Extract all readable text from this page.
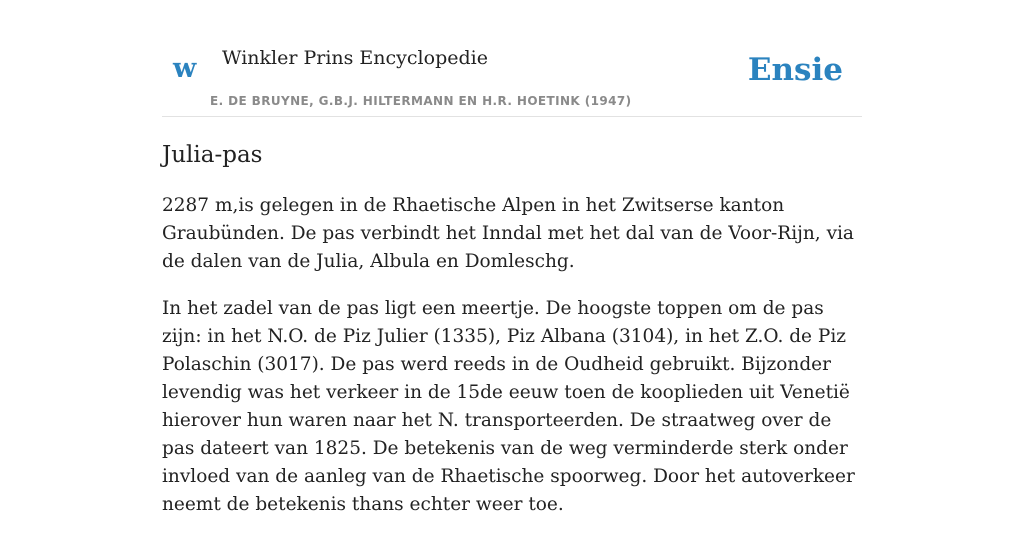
w Winkler Prins Encyclopedie
E. DE BRUYNE, G.B.J. HILTERMANN EN H.R. HOETINK (1947)
Ensie
Julia-pas

2287 m,is gelegen in de Rhaetische Alpen in het Zwitserse kanton Graubünden. De pas verbindt het Inndal met het dal van de Voor-Rijn, via de dalen van de Julia, Albula en Domleschg.

In het zadel van de pas ligt een meertje. De hoogste toppen om de pas zijn: in het N.O. de Piz Julier (1335), Piz Albana (3104), in het Z.O. de Piz Polaschin (3017). De pas werd reeds in de Oudheid gebruikt. Bijzonder levendig was het verkeer in de 15de eeuw toen de kooplieden uit Venetië hierover hun waren naar het N. transporteerden. De straatweg over de pas dateert van 1825. De betekenis van de weg verminderde sterk onder invloed van de aanleg van de Rhaetische spoorweg. Door het autoverkeer neemt de betekenis thans echter weer toe.
